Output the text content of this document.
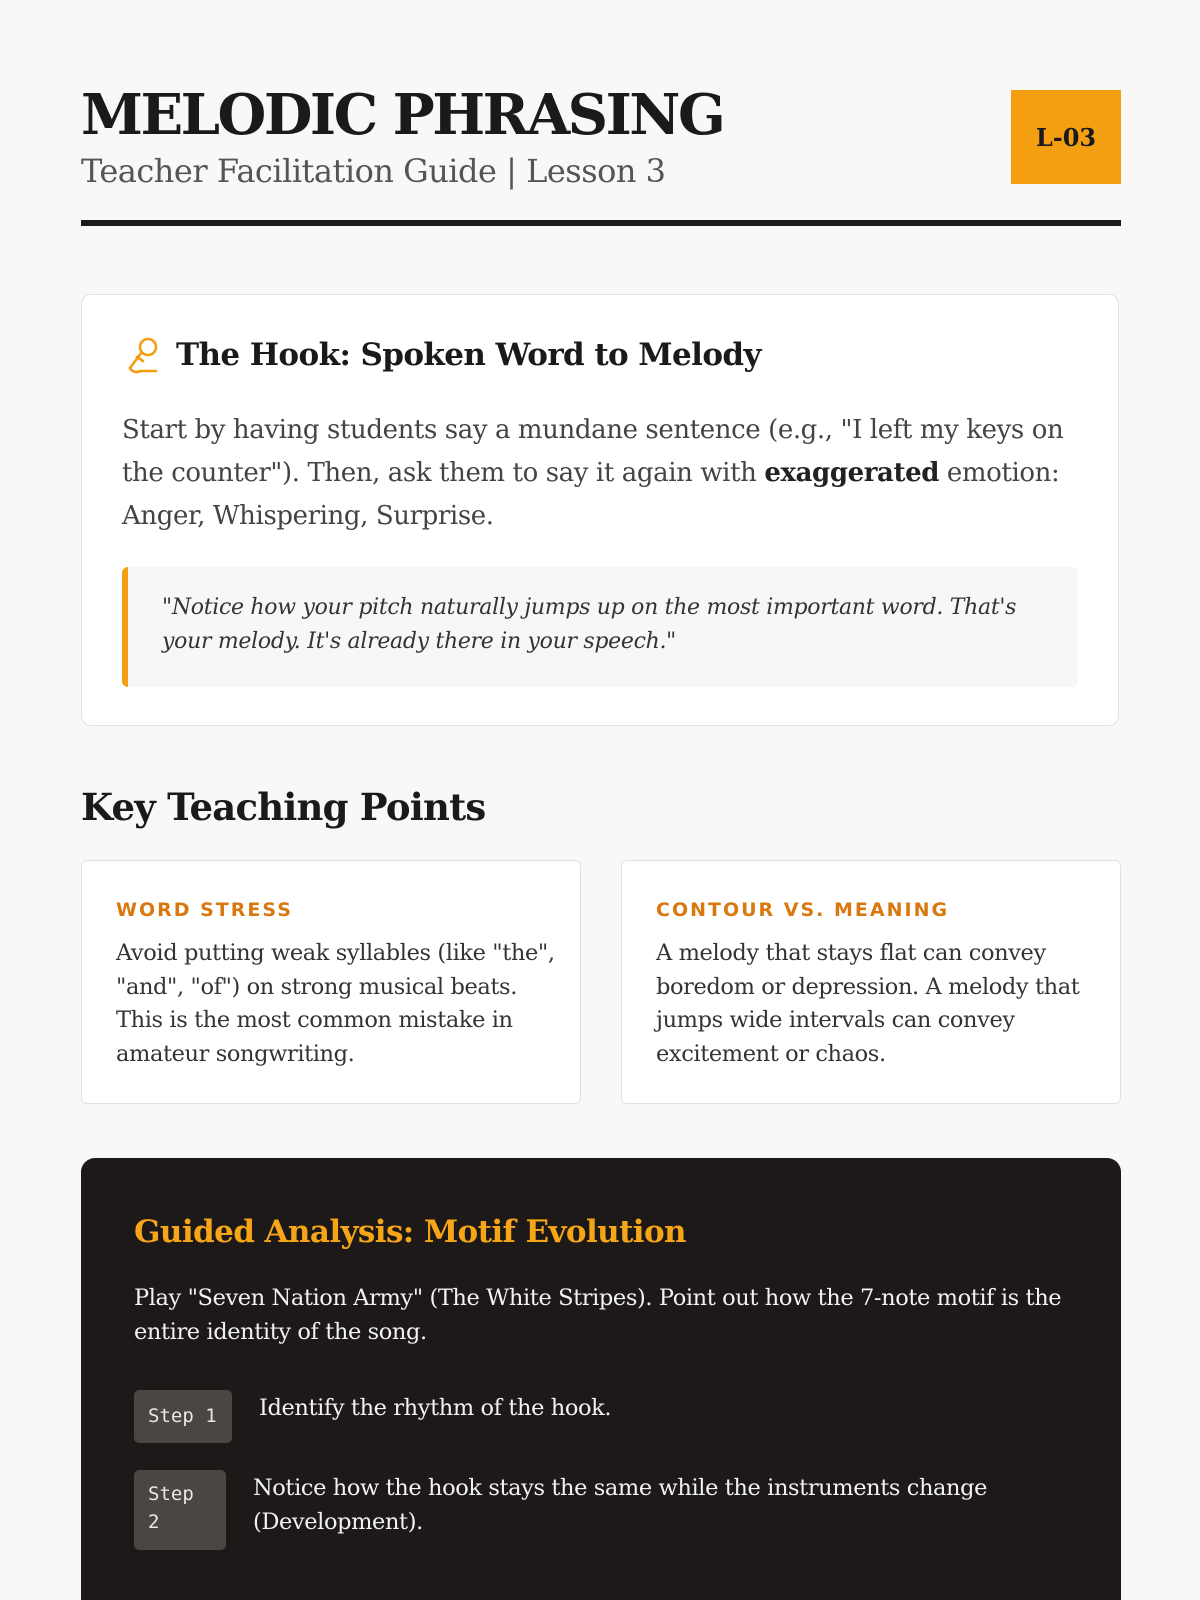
MELODIC PHRASING
Teacher Facilitation Guide | Lesson 3
L-03
The Hook: Spoken Word to Melody

Start by having students say a mundane sentence (e.g., "I left my keys on the counter"). Then, ask them to say it again with exaggerated emotion: Anger, Whispering, Surprise.

"Notice how your pitch naturally jumps up on the most important word. That's your melody. It's already there in your speech."
Key Teaching Points
WORD STRESS

Avoid putting weak syllables (like "the", "and", "of") on strong musical beats. This is the most common mistake in amateur songwriting.

CONTOUR VS. MEANING

A melody that stays flat can convey boredom or depression. A melody that jumps wide intervals can convey excitement or chaos.

Guided Analysis: Motif Evolution

Play "Seven Nation Army" (The White Stripes). Point out how the 7-note motif is the entire identity of the song.

Step 1	Identify the rhythm of the hook.
Step
2
Notice how the hook stays the same while the instruments change (Development).
